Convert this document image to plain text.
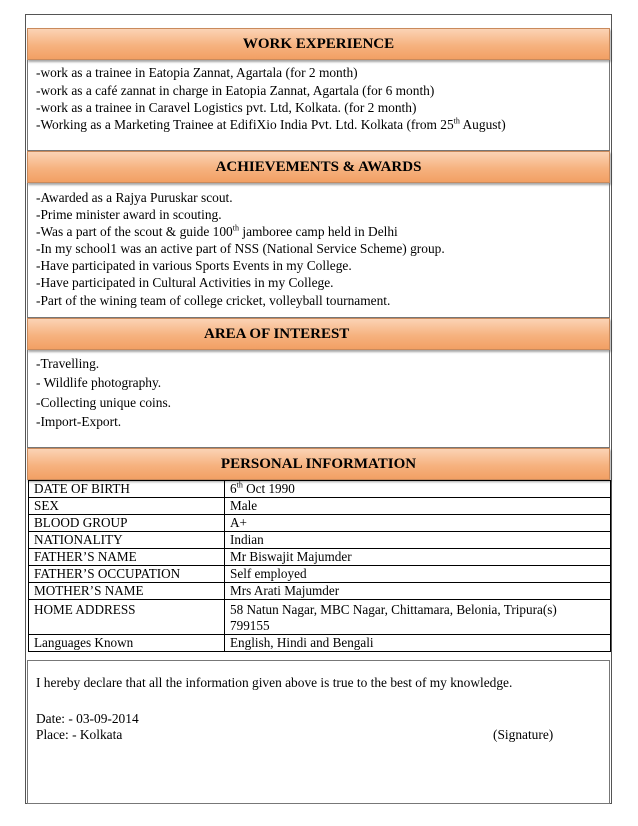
WORK EXPERIENCE
-work as a trainee in Eatopia Zannat, Agartala (for 2 month)
-work as a café zannat in charge in Eatopia Zannat, Agartala (for 6 month)
-work as a trainee in Caravel Logistics pvt. Ltd, Kolkata. (for 2 month)
-Working as a Marketing Trainee at EdifiXio India Pvt. Ltd. Kolkata (from 25th August)
ACHIEVEMENTS & AWARDS
-Awarded as a Rajya Puruskar scout.
-Prime minister award in scouting.
-Was a part of the scout & guide 100th jamboree camp held in Delhi
-In my school1 was an active part of NSS (National Service Scheme) group.
-Have participated in various Sports Events in my College.
-Have participated in Cultural Activities in my College.
-Part of the wining team of college cricket, volleyball tournament.
AREA OF INTEREST
-Travelling.
- Wildlife photography.
-Collecting unique coins.
-Import-Export.
PERSONAL INFORMATION
DATE OF BIRTH	6th Oct 1990
SEX	Male
BLOOD GROUP	A+
NATIONALITY	Indian
FATHER’S NAME	Mr Biswajit Majumder
FATHER’S OCCUPATION	Self employed
MOTHER’S NAME	Mrs Arati Majumder
HOME ADDRESS	58 Natun Nagar, MBC Nagar, Chittamara, Belonia, Tripura(s)
799155
Languages Known	English, Hindi and Bengali
I hereby declare that all the information given above is true to the best of my knowledge.
Date: - 03-09-2014
Place: - Kolkata	(Signature)
